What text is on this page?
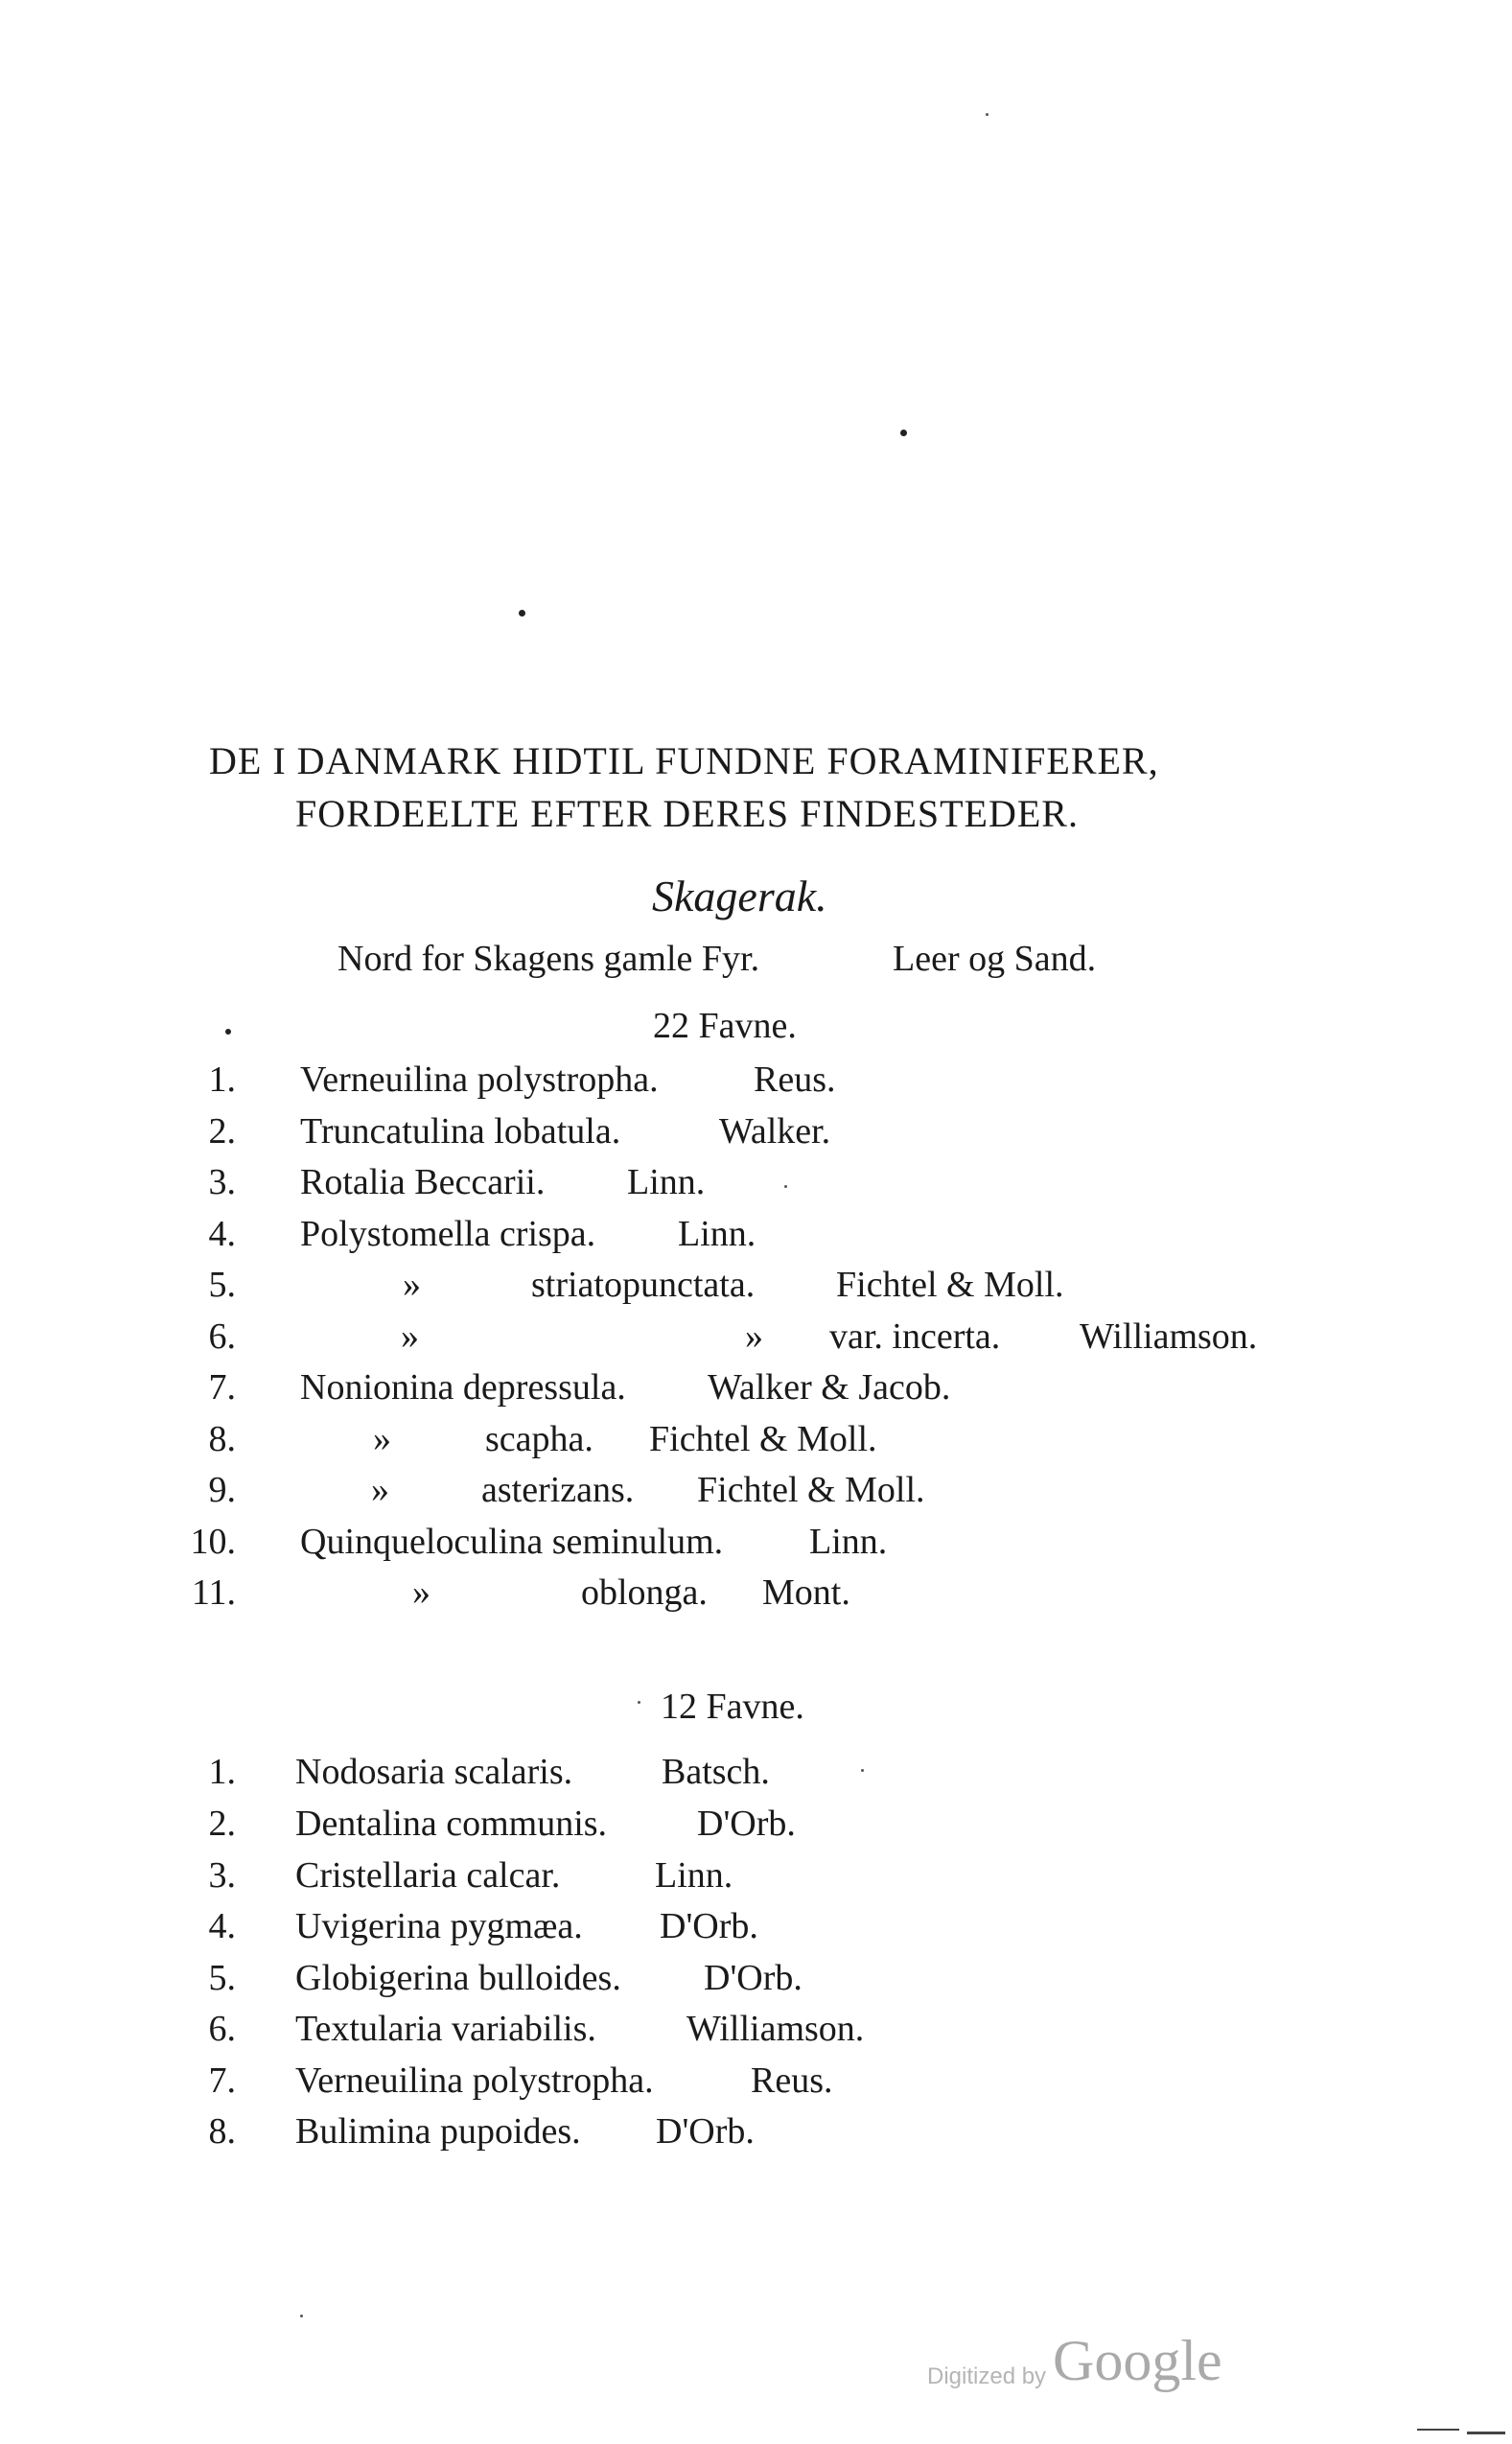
DE I DANMARK HIDTIL FUNDNE FORAMINIFERER,
FORDEELTE EFTER DERES FINDESTEDER.
Skagerak.
Nord for Skagens gamle Fyr.	Leer og Sand.
22 Favne.
1. Verneuilina polystropha.	Reus.
2. Truncatulina lobatula.	Walker.
3. Rotalia Beccarii. Linn.
4. Polystomella crispa. Linn.
5.	»	striatopunctata. Fichtel & Moll.
6.	»	» var. incerta. Williamson.
7. Nonionina depressula. Walker & Jacob.
8.	»	scapha. Fichtel & Moll.
9.	»	asterizans. Fichtel & Moll.
10. Quinqueloculina seminulum. Linn.
11.	»	oblonga. Mont.
12 Favne.
1. Nodosaria scalaris. Batsch.
2. Dentalina communis. D'Orb.
3. Cristellaria calcar.	Linn.
4. Uvigerina pygmæa. D'Orb.
5. Globigerina bulloides. D'Orb.
6. Textularia variabilis. Williamson.
7. Verneuilina polystropha.	Reus.
8. Bulimina pupoides. D'Orb.
Digitized by Google
